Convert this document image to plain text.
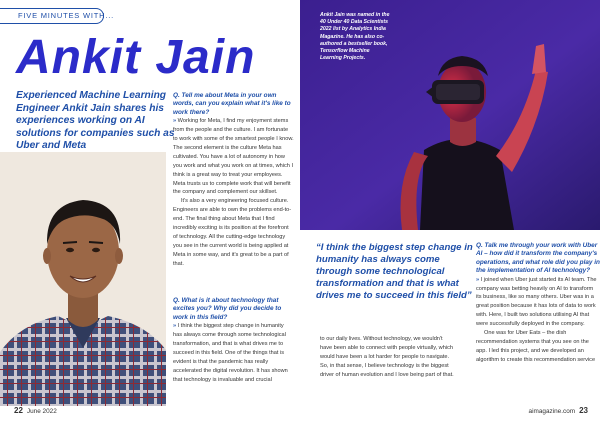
FIVE MINUTES WITH...
Ankit Jain
Experienced Machine Learning Engineer Ankit Jain shares his experiences working on AI solutions for companies such as Uber and Meta

Q. Tell me about Meta in your own words, can you explain what it's like to work there?

» Working for Meta, I find my enjoyment stems from the people and the culture. I am fortunate to work with some of the smartest people I know. The second element is the culture Meta has cultivated. You have a lot of autonomy in how you work and what you work on at times, which I think is a great way to treat your employees. Meta trusts us to complete work that will benefit the company and complement our skillset.

It's also a very engineering focused culture. Engineers are able to own the problems end-to-end. The final thing about Meta that I find incredibly exciting is its position at the forefront of technology. All the cutting-edge technology you see in the current world is being applied at Meta in some way, and it's great to be a part of that.

Q. What is it about technology that excites you? Why did you decide to work in this field?

» I think the biggest step change in humanity has always come through some technological transformation, and that is what drives me to succeed in this field. One of the things that is evident is that the pandemic has really accelerated the digital revolution. It has shown that technology is invaluable and crucial

22 June 2022
Ankit Jain was named in the 40 Under 40 Data Scientists 2022 list by Analytics India Magazine. He has also co-authored a bestseller book, Tensorflow Machine Learning Projects.
“I think the biggest step change in humanity has always come through some technological transformation and that is what drives me to succeed in this field”

to our daily lives. Without technology, we wouldn't have been able to connect with people virtually, which would have been a lot harder for people to navigate. So, in that sense, I believe technology is the biggest driver of human evolution and I love being part of that.

Q. Talk me through your work with Uber AI – how did it transform the company's operations, and what role did you play in the implementation of AI technology?

» I joined when Uber just started its AI team. The company was betting heavily on AI to transform its business, like so many others. Uber was in a great position because it has lots of data to work with. Here, I built two solutions utilising AI that were successfully deployed in the company.

One was for Uber Eats – the dish recommendation systems that you see on the app. I led this project, and we developed an algorithm to create this recommendation service

aimagazine.com 23
